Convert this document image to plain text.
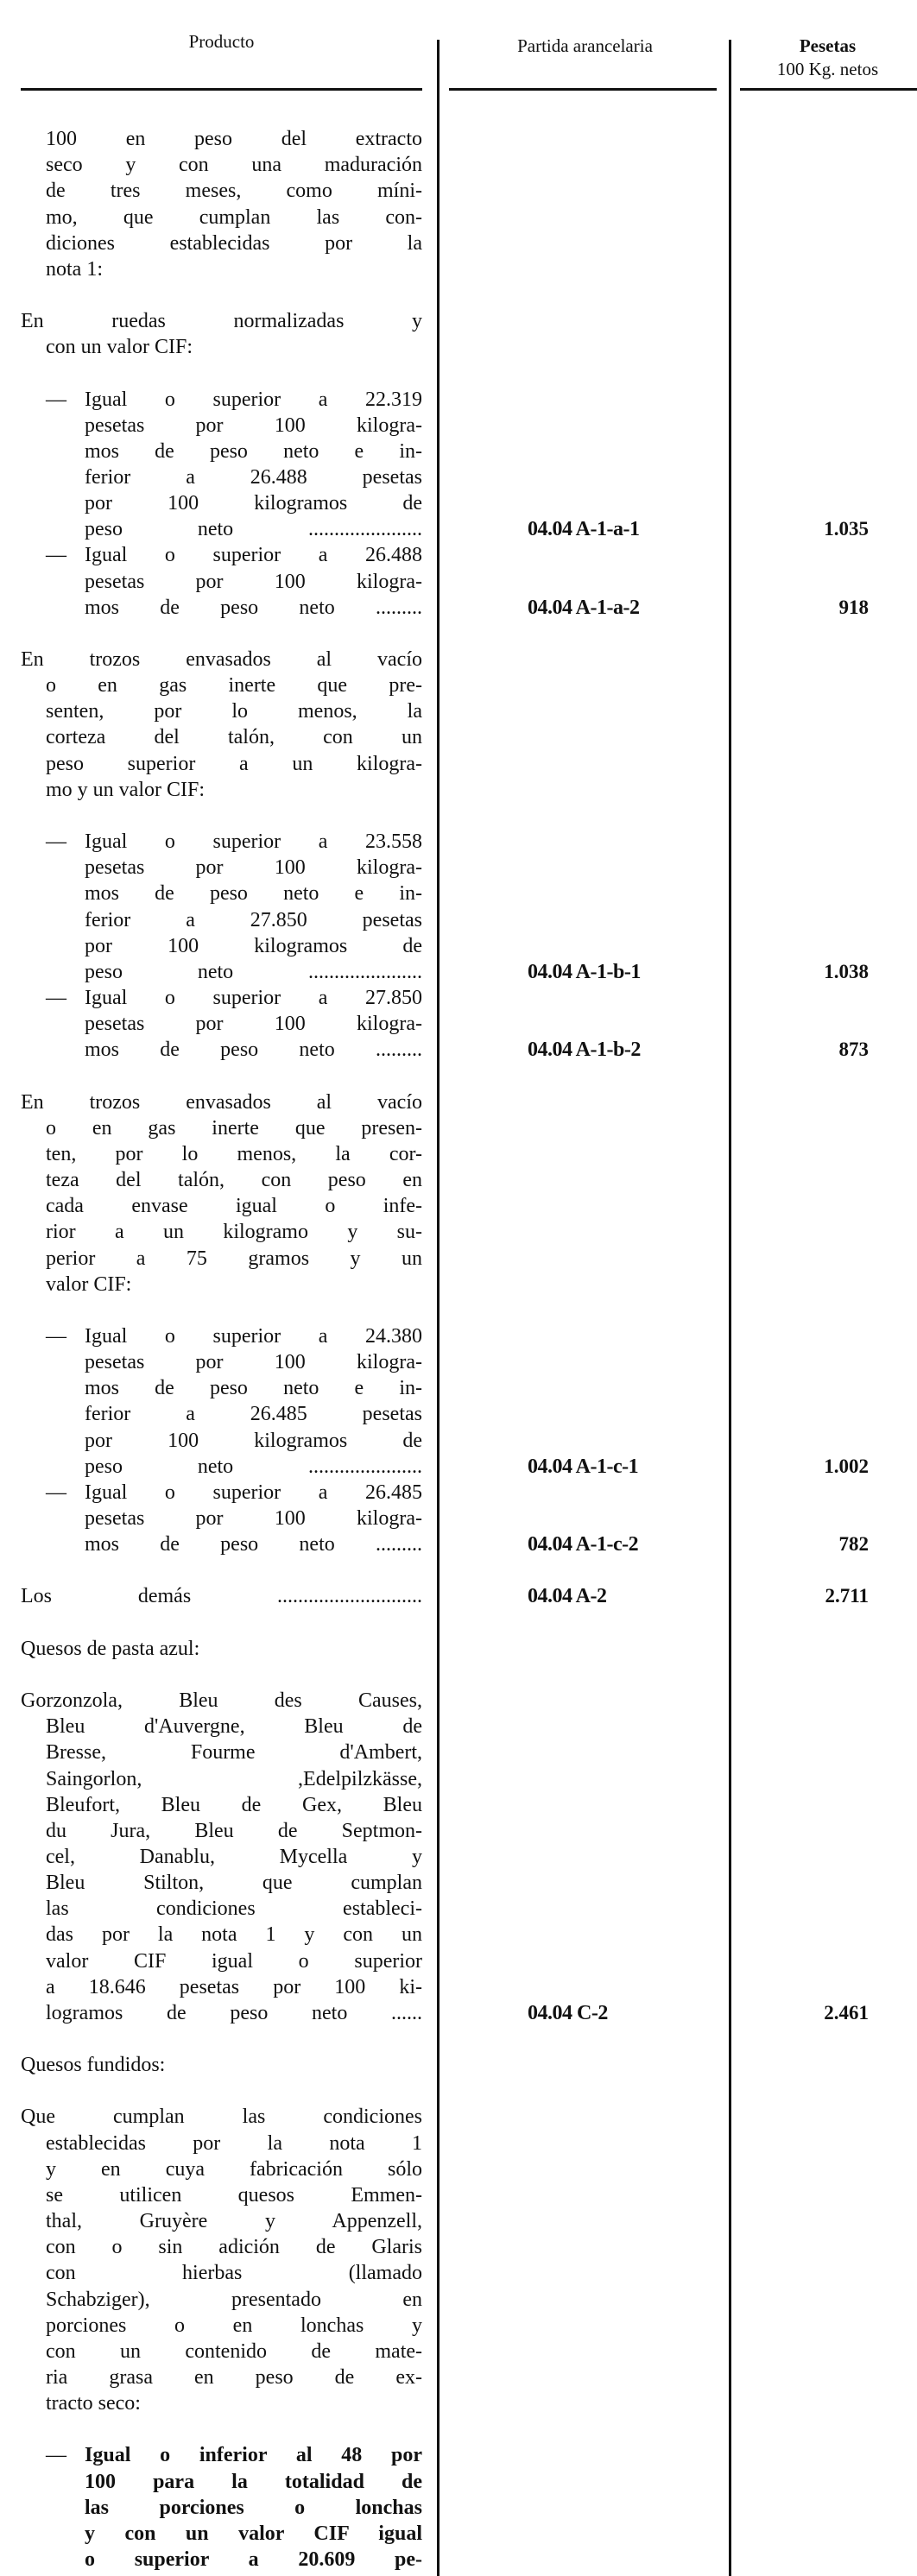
Producto	Partida arancelaria	Pesetas
100 Kg. netos
100 en peso del extracto
seco y con una maduración
de tres meses, como míni-
mo, que cumplan las con-
diciones establecidas por la
nota 1:
En ruedas normalizadas y
con un valor CIF:
Igual o superior a 22.319
—
pesetas por 100 kilogra-
mos de peso neto e in-
ferior a 26.488 pesetas
por 100 kilogramos de
peso neto ......................	04.04 A-1-a-1	1.035
Igual o superior a 26.488
—
pesetas por 100 kilogra-
mos de peso neto .........	04.04 A-1-a-2	918
En trozos envasados al vacío
o en gas inerte que pre-
senten, por lo menos, la
corteza del talón, con un
peso superior a un kilogra-
mo y un valor CIF:
Igual o superior a 23.558
—
pesetas por 100 kilogra-
mos de peso neto e in-
ferior a 27.850 pesetas
por 100 kilogramos de
peso neto ......................	04.04 A-1-b-1	1.038
Igual o superior a 27.850
—
pesetas por 100 kilogra-
mos de peso neto .........	04.04 A-1-b-2	873
En trozos envasados al vacío
o en gas inerte que presen-
ten, por lo menos, la cor-
teza del talón, con peso en
cada envase igual o infe-
rior a un kilogramo y su-
perior a 75 gramos y un
valor CIF:
Igual o superior a 24.380
—
pesetas por 100 kilogra-
mos de peso neto e in-
ferior a 26.485 pesetas
por 100 kilogramos de
peso neto ......................	04.04 A-1-c-1	1.002
Igual o superior a 26.485
—
pesetas por 100 kilogra-
mos de peso neto .........	04.04 A-1-c-2	782
Los demás ............................	04.04 A-2	2.711
Quesos de pasta azul:
Gorzonzola, Bleu des Causes,
Bleu d'Auvergne, Bleu de
Bresse, Fourme d'Ambert,
Saingorlon, ,Edelpilzkässe,
Bleufort, Bleu de Gex, Bleu
du Jura, Bleu de Septmon-
cel, Danablu, Mycella y
Bleu Stilton, que cumplan
las condiciones estableci-
das por la nota 1 y con un
valor CIF igual o superior
a 18.646 pesetas por 100 ki-
logramos de peso neto ......	04.04 C-2	2.461
Quesos fundidos:
Que cumplan las condiciones
establecidas por la nota 1
y en cuya fabricación sólo
se utilicen quesos Emmen-
thal, Gruyère y Appenzell,
con o sin adición de Glaris
con hierbas (llamado
Schabziger), presentado en
porciones o en lonchas y
con un contenido de mate-
ria grasa en peso de ex-
tracto seco:
Igual o inferior al 48 por
—
100 para la totalidad de
las porciones o lonchas
y con un valor CIF igual
o superior a 20.609 pe-
